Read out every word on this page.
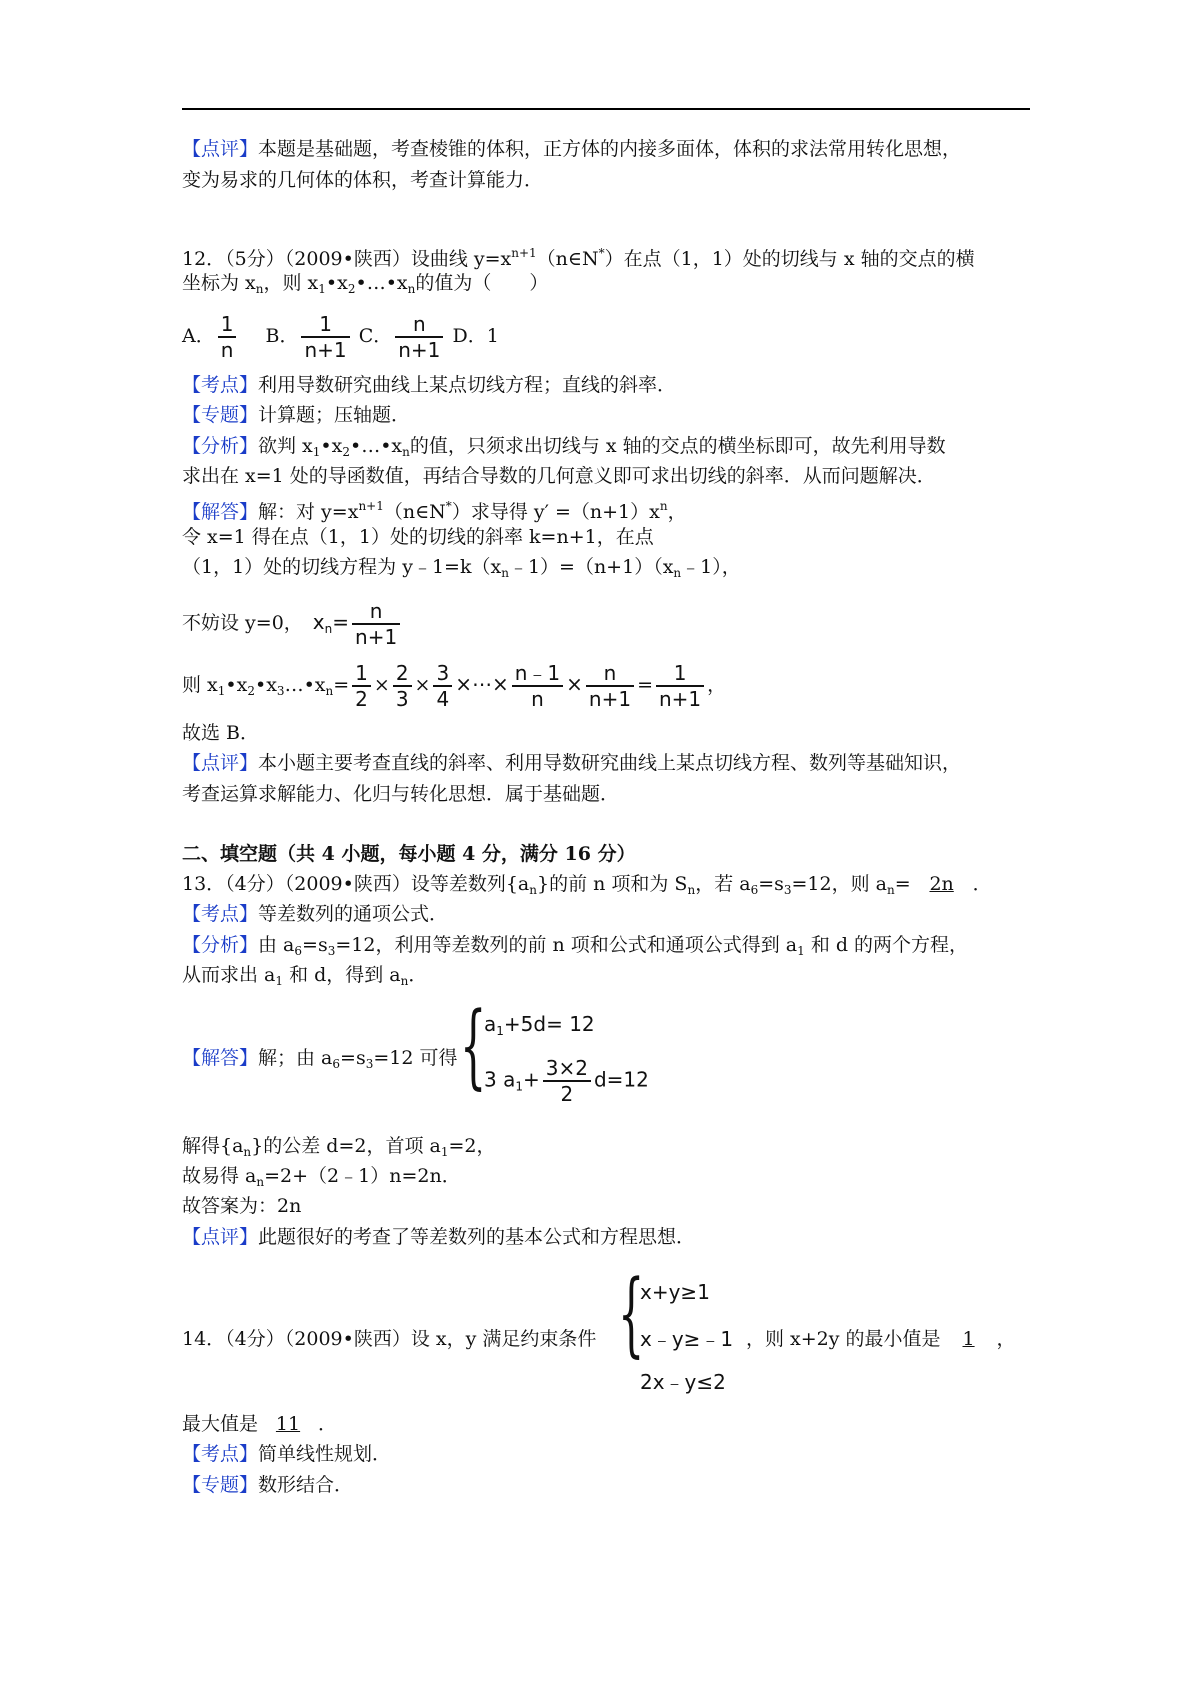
【点评】本题是基础题，考查棱锥的体积，正方体的内接多面体，体积的求法常用转化思想，
变为易求的几何体的体积，考查计算能力．
12．（5分）（2009•陕西）设曲线 $y=x^{n+1}(n\in N^*)$在点（1，1）处的切线与 x 轴的交点的横
坐标为 $x_n$，则 $x_1•x_2•\dots•x_n$的值为（　　）
A． $\frac{1}{n}$ B． $\frac{1}{n+1}$ C． $\frac{n}{n+1}$ D．1
【考点】利用导数研究曲线上某点切线方程；直线的斜率．
【专题】计算题；压轴题．
【分析】欲判 $x_1•x_2•\dots•x_n$的值，只须求出切线与 x 轴的交点的横坐标即可，故先利用导数
求出在 x=1 处的导函数值，再结合导数的几何意义即可求出切线的斜率．从而问题解决．
【解答】解：对 $y=x^{n+1}(n\in N^*)$求导得 $y' =(n+1)x^n$，
令 x=1 得在点（1，1）处的切线的斜率 k=n+1，在点
（1，1）处的切线方程为 $y﹣1=k(x_n﹣1)=(n+1)(x_n﹣1)$，
不妨设 y=0， $x_n= \frac{n}{n+1}$
则 $x_1•x_2•x_3\dots•x_n= \frac{1}{2} \times \frac{2}{3} \times \frac{3}{4}$ ×⋯× $\frac{n﹣1}{n} \times \frac{n}{n+1} = \frac{1}{n+1}$ ，
故选 B．
【点评】本小题主要考查直线的斜率、利用导数研究曲线上某点切线方程、数列等基础知识，
考查运算求解能力、化归与转化思想．属于基础题．
二、填空题（共 4 小题，每小题 4 分，满分 16 分）
13．（4分）（2009•陕西）设等差数列$\{a_n\}$的前 n 项和为 $S_n$，若 $a_6=s_3=12$，则 $a_n= 2n$ ．
【考点】等差数列的通项公式．
【分析】由 $a_6=s_3=12$，利用等差数列的前 n 项和公式和通项公式得到 $a_1$ 和 d 的两个方程，
从而求出 $a_1$ 和 d，得到 $a_n$．
【解答】解；由 $a_6=s_3=12$ 可得 {
$a_1+5d= 12$
3 $a_1+ \frac{3\times 2}{2} d=12$
解得$\{a_n\}$的公差 d=2，首项 $a_1=2$，
故易得 $a_n=2+(2﹣1)n=2n$．
故答案为：2n
【点评】此题很好的考查了等差数列的基本公式和方程思想．
{
x+y≥1
x﹣y≥﹣1
2x﹣y≤2
14．（4分）（2009•陕西）设 x，y 满足约束条件	，则 x+2y 的最小值是 1 ，
最大值是 11 ．
【考点】简单线性规划．
【专题】数形结合．
